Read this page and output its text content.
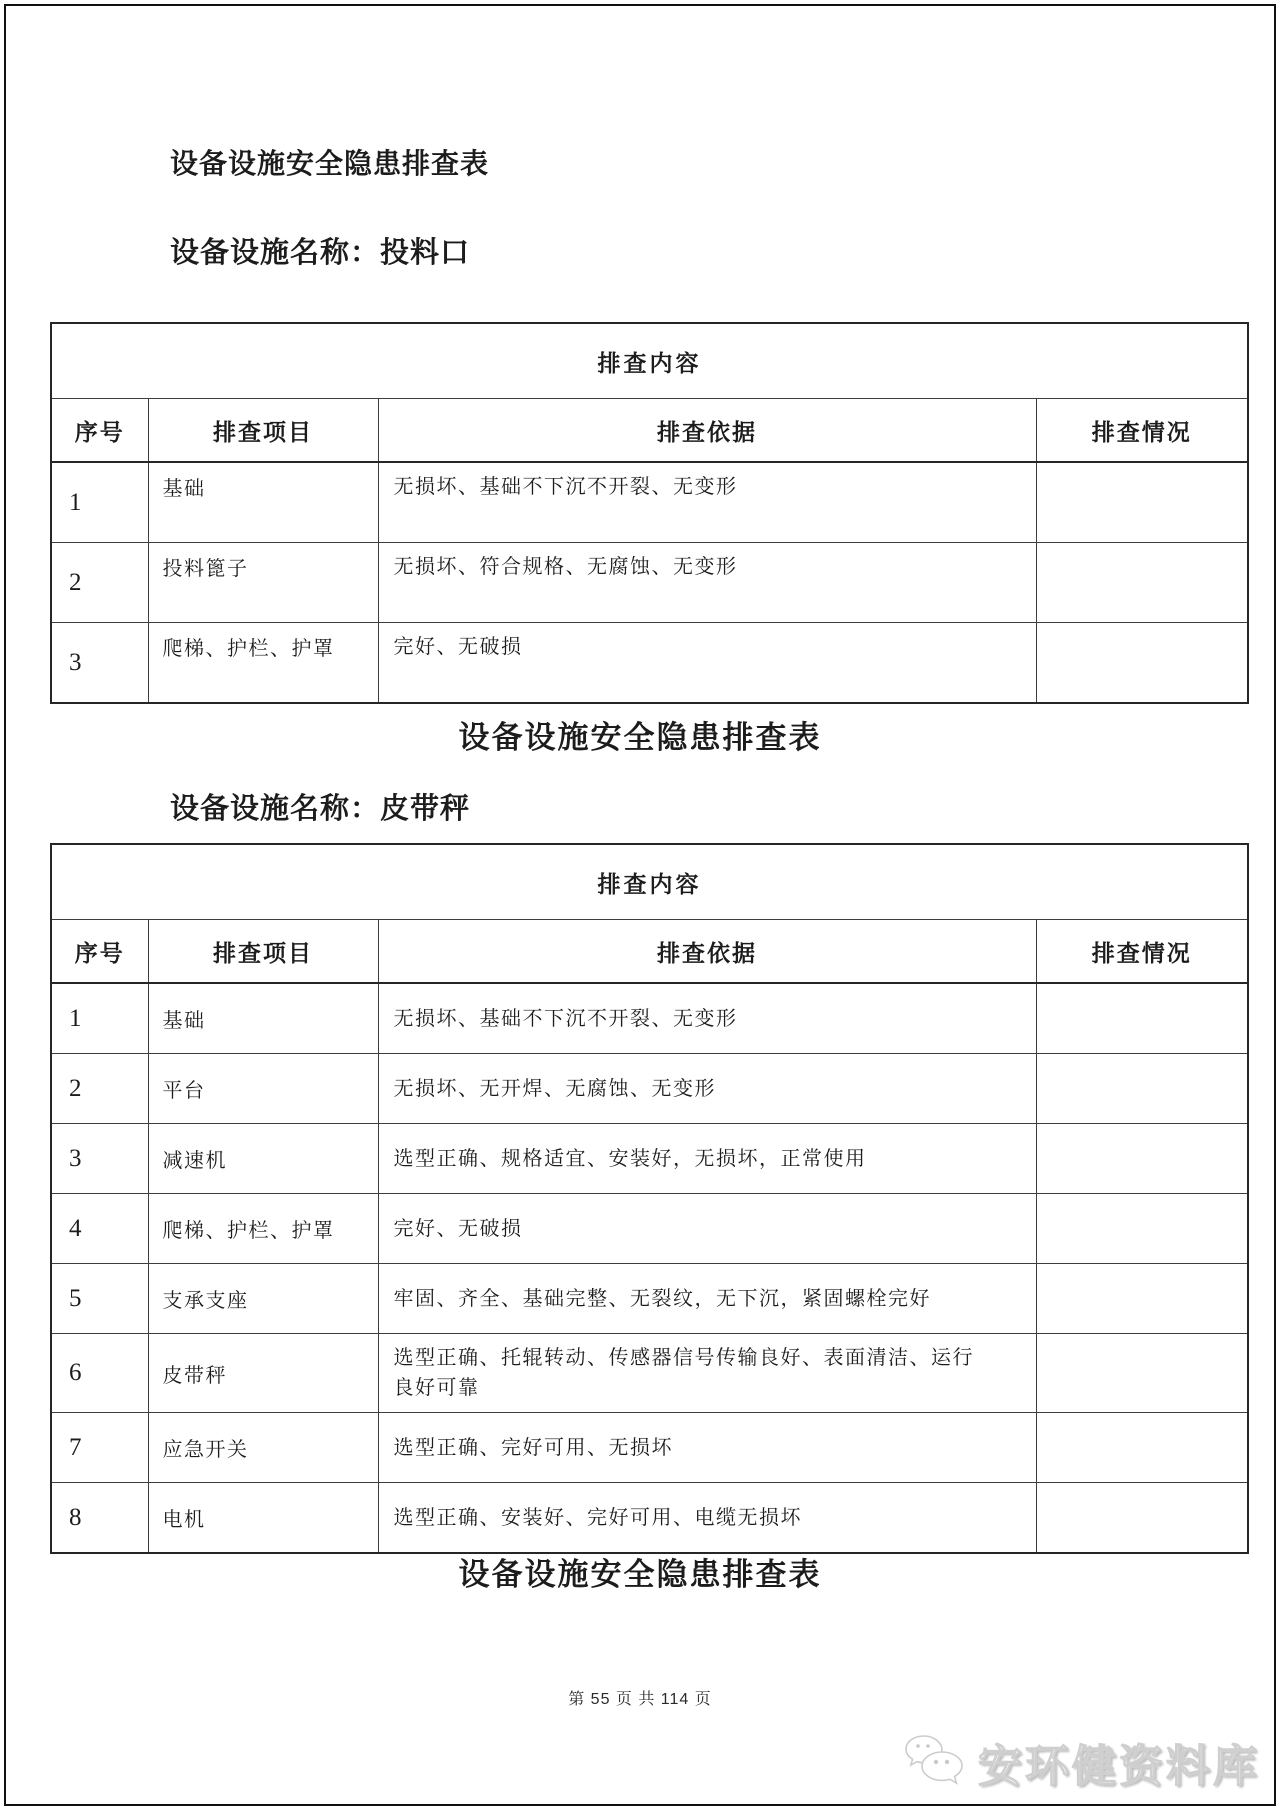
设备设施安全隐患排查表
设备设施名称：投料口
排查内容			
序号	排查项目	排查依据	排查情况
1	基础	无损坏、基础不下沉不开裂、无变形	
2	投料篦子	无损坏、符合规格、无腐蚀、无变形	
3	爬梯、护栏、护罩	完好、无破损	
设备设施安全隐患排查表
设备设施名称：皮带秤
排查内容			
序号	排查项目	排查依据	排查情况
1	基础	无损坏、基础不下沉不开裂、无变形	
2	平台	无损坏、无开焊、无腐蚀、无变形	
3	减速机	选型正确、规格适宜、安装好，无损坏，正常使用	
4	爬梯、护栏、护罩	完好、无破损	
5	支承支座	牢固、齐全、基础完整、无裂纹，无下沉，紧固螺栓完好	
6	皮带秤	选型正确、托辊转动、传感器信号传输良好、表面清洁、运行良好可靠	
7	应急开关	选型正确、完好可用、无损坏	
8	电机	选型正确、安装好、完好可用、电缆无损坏	
设备设施安全隐患排查表
第 55 页 共 114 页
安环健资料库
